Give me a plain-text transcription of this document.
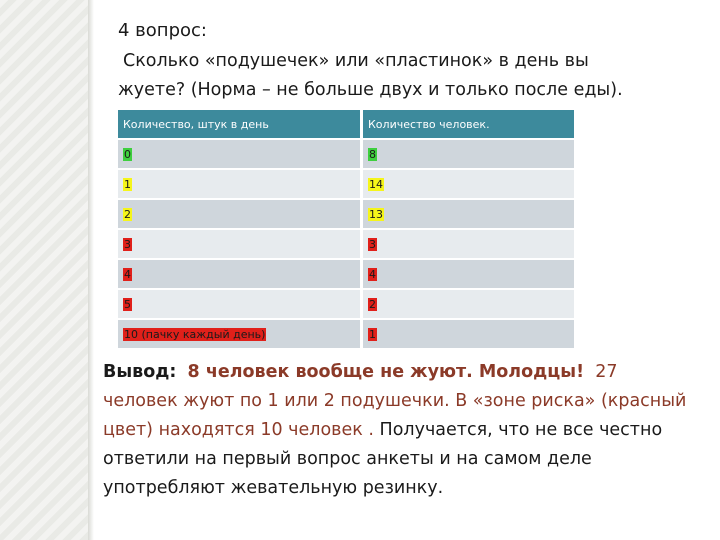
4 вопрос:
Сколько «подушечек» или «пластинок» в день вы
жуете? (Норма – не больше двух и только после еды).
Количество, штук в день	Количество человек.
0	8
1	14
2	13
3	3
4	4
5	2
10 (пачку каждый день)	1
Вывод: 8 человек вообще не жуют. Молодцы! 27 человек жуют по 1 или 2 подушечки. В «зоне риска» (красный цвет) находятся 10 человек . Получается, что не все честно ответили на первый вопрос анкеты и на самом деле употребляют жевательную резинку.
